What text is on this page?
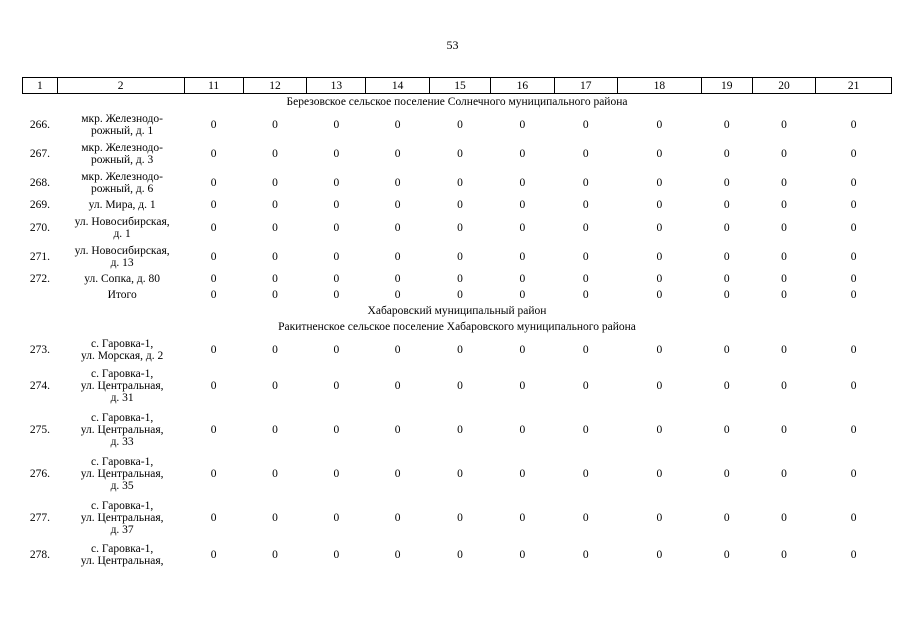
53
1	2	11	12	13	14	15	16	17	18	19	20	21
Березовское сельское поселение Солнечного муниципального района												
266.	мкр. Железнодо-
рожный, д. 1	0	0	0	0	0	0	0	0	0	0	0
267.	мкр. Железнодо-
рожный, д. 3	0	0	0	0	0	0	0	0	0	0	0
268.	мкр. Железнодо-
рожный, д. 6	0	0	0	0	0	0	0	0	0	0	0
269.	ул. Мира, д. 1	0	0	0	0	0	0	0	0	0	0	0
270.	ул. Новосибирская,
д. 1	0	0	0	0	0	0	0	0	0	0	0
271.	ул. Новосибирская,
д. 13	0	0	0	0	0	0	0	0	0	0	0
272.	ул. Сопка, д. 80	0	0	0	0	0	0	0	0	0	0	0

	Итого	0	0	0	0	0	0	0	0	0	0	0
Хабаровский муниципальный район												
Ракитненское сельское поселение Хабаровского муниципального района												
273.	с. Гаровка-1,
ул. Морская, д. 2	0	0	0	0	0	0	0	0	0	0	0
274.	с. Гаровка-1,
ул. Центральная,
д. 31	0	0	0	0	0	0	0	0	0	0	0
275.	с. Гаровка-1,
ул. Центральная,
д. 33	0	0	0	0	0	0	0	0	0	0	0
276.	с. Гаровка-1,
ул. Центральная,
д. 35	0	0	0	0	0	0	0	0	0	0	0
277.	с. Гаровка-1,
ул. Центральная,
д. 37	0	0	0	0	0	0	0	0	0	0	0
278.	с. Гаровка-1,
ул. Центральная,	0	0	0	0	0	0	0	0	0	0	0
